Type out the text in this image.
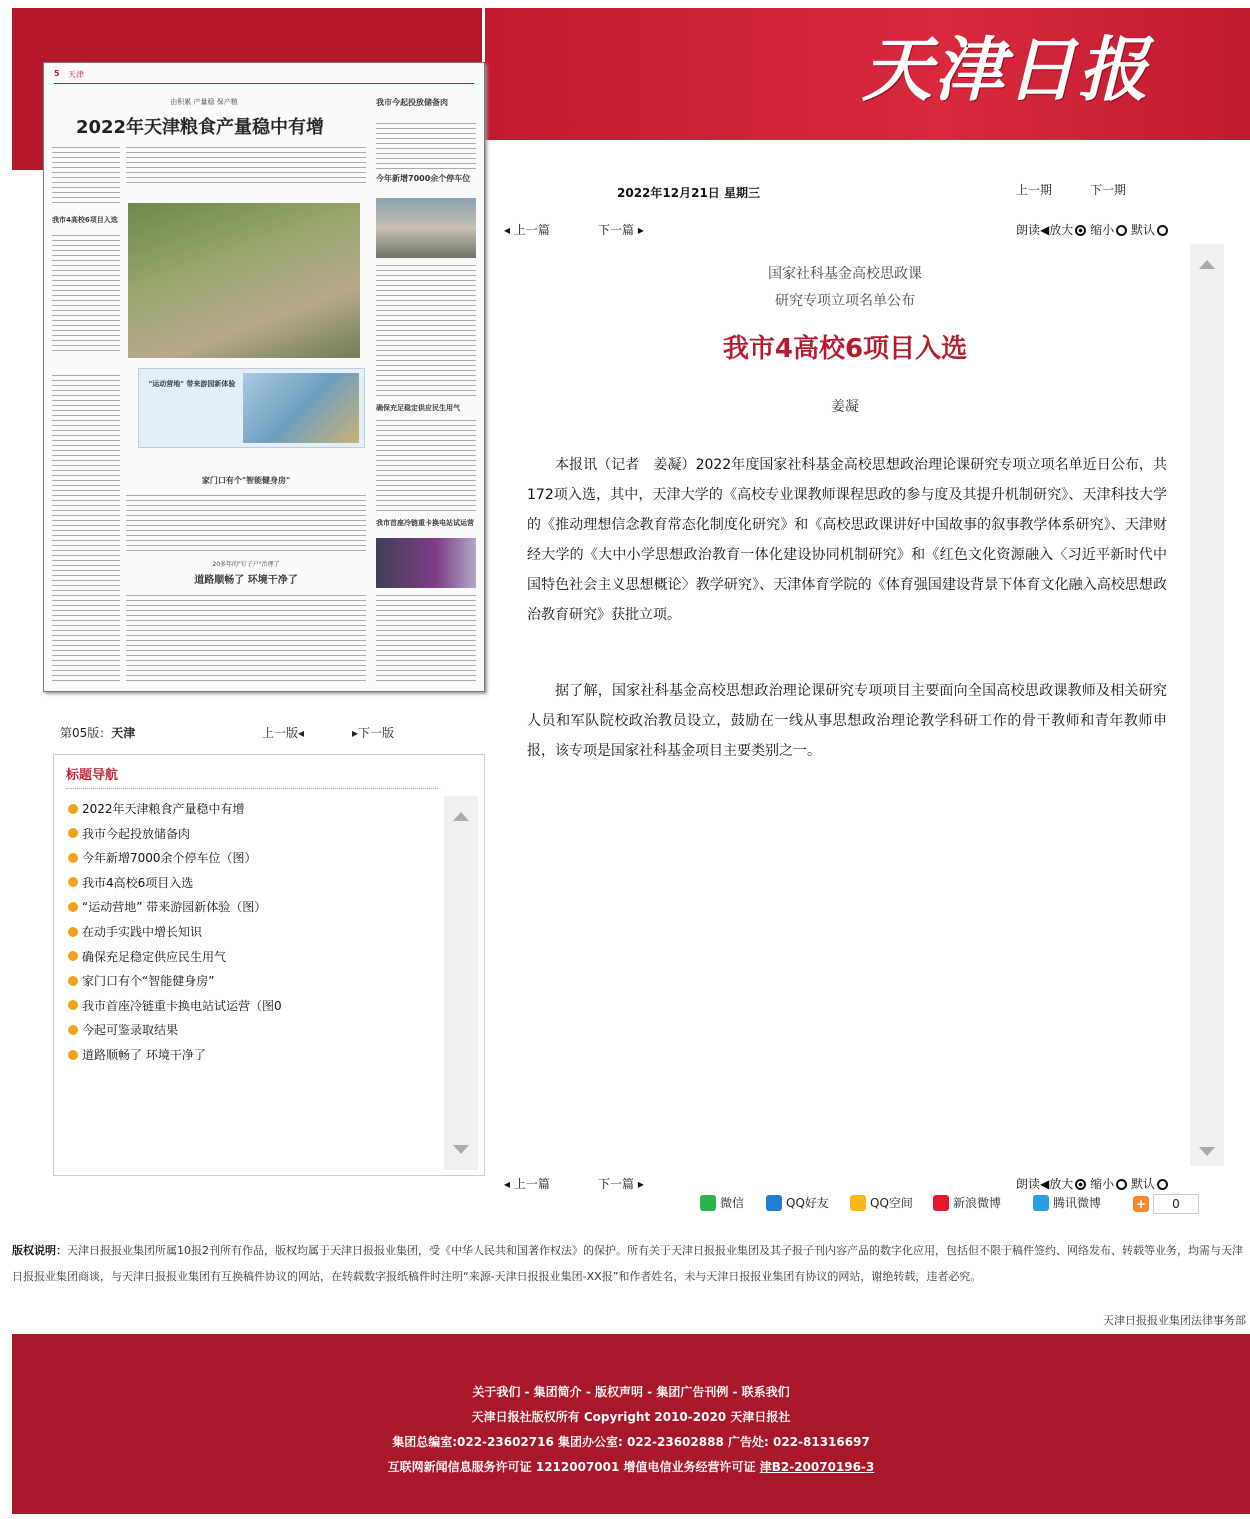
天津日报
2022年12月21日 星期三	上一期	下一期
5 天津
由积累 产量稳 保产粮
2022年天津粮食产量稳中有增
我市今起投放储备肉
今年新增7000余个停车位
我市4高校6项目入选
确保充足稳定供应民生用气
我市首座冷链重卡换电站试运营
"运动营地" 带来游园新体验
家门口有个"智能健身房"
20多年的"钉子户"治理了
道路顺畅了 环境干净了
第05版：天津	上一版◂	▸下一版
标题导航
2022年天津粮食产量稳中有增
我市今起投放储备肉
今年新增7000余个停车位（图）
我市4高校6项目入选
“运动营地” 带来游园新体验（图）
在动手实践中增长知识
确保充足稳定供应民生用气
家门口有个“智能健身房”
我市首座冷链重卡换电站试运营（图0
今起可鉴录取结果
道路顺畅了 环境干净了
◂ 上一篇	下一篇 ▸	朗读◀放大 缩小 默认
国家社科基金高校思政课
研究专项立项名单公布
我市4高校6项目入选
姜凝
本报讯（记者　姜凝）2022年度国家社科基金高校思想政治理论课研究专项立项名单近日公布，共172项入选，其中，天津大学的《高校专业课教师课程思政的参与度及其提升机制研究》、天津科技大学的《推动理想信念教育常态化制度化研究》和《高校思政课讲好中国故事的叙事教学体系研究》、天津财经大学的《大中小学思想政治教育一体化建设协同机制研究》和《红色文化资源融入〈习近平新时代中国特色社会主义思想概论〉教学研究》、天津体育学院的《体育强国建设背景下体育文化融入高校思想政治教育研究》获批立项。
据了解，国家社科基金高校思想政治理论课研究专项项目主要面向全国高校思政课教师及相关研究人员和军队院校政治教员设立，鼓励在一线从事思想政治理论教学科研工作的骨干教师和青年教师申报，该专项是国家社科基金项目主要类别之一。
◂ 上一篇	下一篇 ▸	朗读◀放大 缩小 默认
微信	QQ好友	QQ空间	新浪微博	腾讯微博	+	0
版权说明：天津日报报业集团所属10报2刊所有作品，版权均属于天津日报报业集团，受《中华人民共和国著作权法》的保护。所有关于天津日报报业集团及其子报子刊内容产品的数字化应用，包括但不限于稿件签约、网络发布、转载等业务，均需与天津日报报业集团商谈，与天津日报报业集团有互换稿件协议的网站，在转载数字报纸稿件时注明“来源-天津日报报业集团-XX报”和作者姓名，未与天津日报报业集团有协议的网站，谢绝转载，违者必究。
天津日报报业集团法律事务部
关于我们 - 集团简介 - 版权声明 - 集团广告刊例 - 联系我们
天津日报社版权所有 Copyright 2010-2020 天津日报社
集团总编室:022-23602716 集团办公室: 022-23602888 广告处: 022-81316697
互联网新闻信息服务许可证 1212007001 增值电信业务经营许可证 津B2-20070196-3
